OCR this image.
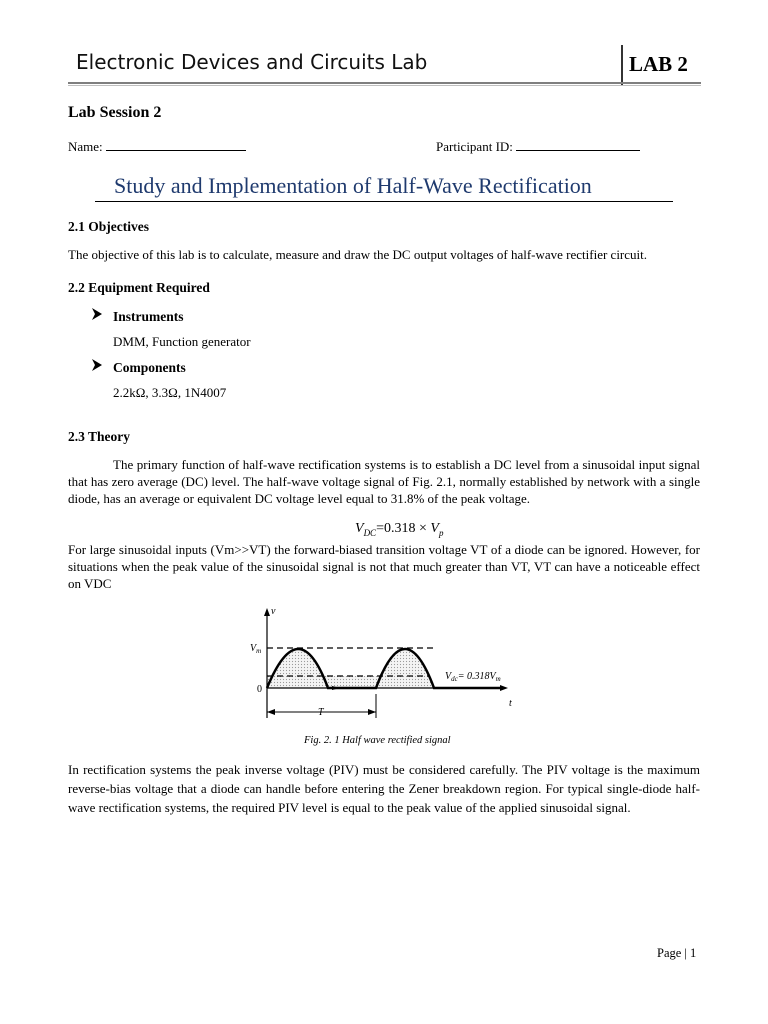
Electronic Devices and Circuits Lab	LAB 2
Lab Session 2
Name:	Participant ID:
Study and Implementation of Half-Wave Rectification
2.1 Objectives
The objective of this lab is to calculate, measure and draw the DC output voltages of half-wave rectifier circuit.
2.2 Equipment Required
Instruments
DMM, Function generator
Components
2.2kΩ, 3.3Ω, 1N4007
2.3 Theory
The primary function of half-wave rectification systems is to establish a DC level from a sinusoidal input signal that has zero average (DC) level. The half-wave voltage signal of Fig. 2.1, normally established by network with a single diode, has an average or equivalent DC voltage level equal to 31.8% of the peak voltage.
$V_{DC}=0.318 \times V_p$
For large sinusoidal inputs (Vm>>VT) the forward-biased transition voltage VT of a diode can be ignored. However, for situations when the peak value of the sinusoidal signal is not that much greater than VT, VT can have a noticeable effect on VDC
v
t
$V_m$
0
$V_{dc}= 0.318V_m$
T
Fig. 2. 1 Half wave rectified signal
In rectification systems the peak inverse voltage (PIV) must be considered carefully. The PIV voltage is the maximum reverse-bias voltage that a diode can handle before entering the Zener breakdown region. For typical single-diode half-wave rectification systems, the required PIV level is equal to the peak value of the applied sinusoidal signal.
Page | 1
